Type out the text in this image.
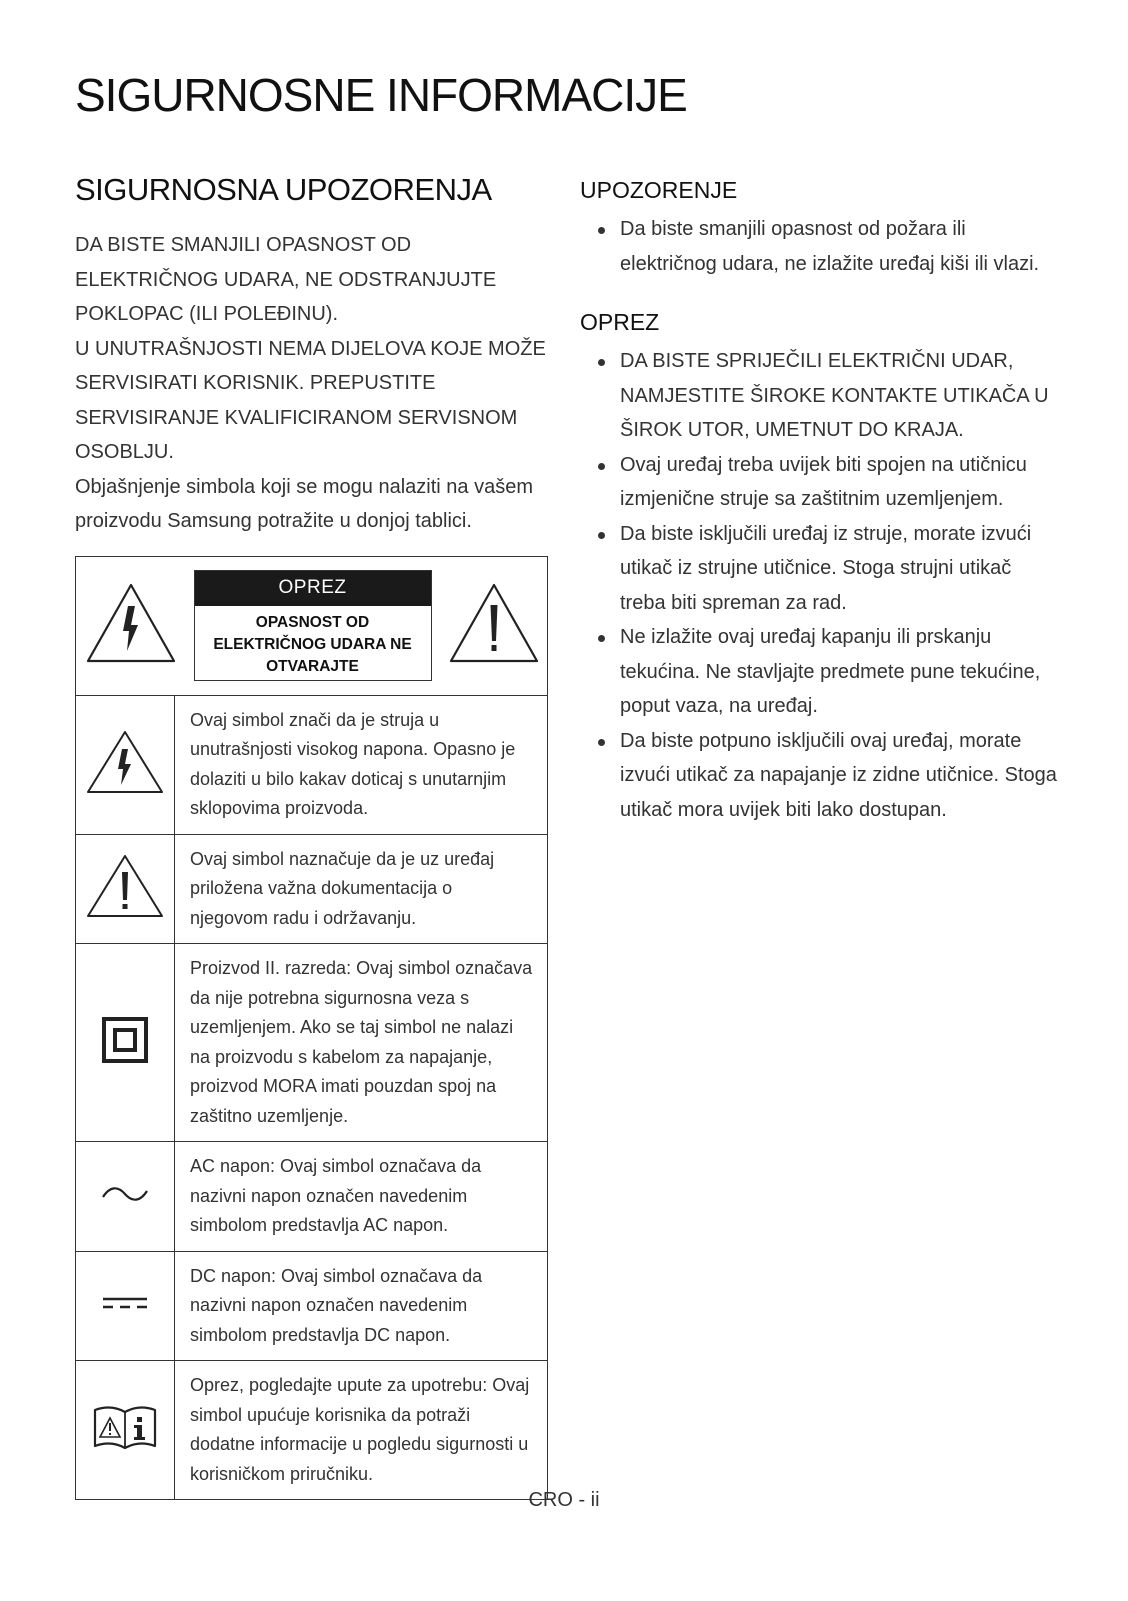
SIGURNOSNE INFORMACIJE
SIGURNOSNA UPOZORENJA

DA BISTE SMANJILI OPASNOST OD ELEKTRIČNOG UDARA, NE ODSTRANJUJTE POKLOPAC (ILI POLEĐINU).

U UNUTRAŠNJOSTI NEMA DIJELOVA KOJE MOŽE SERVISIRATI KORISNIK. PREPUSTITE SERVISIRANJE KVALIFICIRANOM SERVISNOM OSOBLJU.

Objašnjenje simbola koji se mogu nalaziti na vašem proizvodu Samsung potražite u donjoj tablici.

OPREZ
OPASNOST OD ELEKTRIČNOG UDARA NE OTVARAJTE	

	Ovaj simbol znači da je struja u unutrašnjosti visokog napona. Opasno je dolaziti u bilo kakav doticaj s unutarnjim sklopovima proizvoda.
	Ovaj simbol naznačuje da je uz uređaj priložena važna dokumentacija o njegovom radu i održavanju.
	Proizvod II. razreda: Ovaj simbol označava da nije potrebna sigurnosna veza s uzemljenjem. Ako se taj simbol ne nalazi na proizvodu s kabelom za napajanje, proizvod MORA imati pouzdan spoj na zaštitno uzemljenje.
	AC napon: Ovaj simbol označava da nazivni napon označen navedenim simbolom predstavlja AC napon.
	DC napon: Ovaj simbol označava da nazivni napon označen navedenim simbolom predstavlja DC napon.
	Oprez, pogledajte upute za upotrebu: Ovaj simbol upućuje korisnika da potraži dodatne informacije u pogledu sigurnosti u korisničkom priručniku.
UPOZORENJE
Da biste smanjili opasnost od požara ili električnog udara, ne izlažite uređaj kiši ili vlazi.
OPREZ
DA BISTE SPRIJEČILI ELEKTRIČNI UDAR, NAMJESTITE ŠIROKE KONTAKTE UTIKAČA U ŠIROK UTOR, UMETNUT DO KRAJA.
Ovaj uređaj treba uvijek biti spojen na utičnicu izmjenične struje sa zaštitnim uzemljenjem.
Da biste isključili uređaj iz struje, morate izvući utikač iz strujne utičnice. Stoga strujni utikač treba biti spreman za rad.
Ne izlažite ovaj uređaj kapanju ili prskanju tekućina. Ne stavljajte predmete pune tekućine, poput vaza, na uređaj.
Da biste potpuno isključili ovaj uređaj, morate izvući utikač za napajanje iz zidne utičnice. Stoga utikač mora uvijek biti lako dostupan.
CRO - ii
